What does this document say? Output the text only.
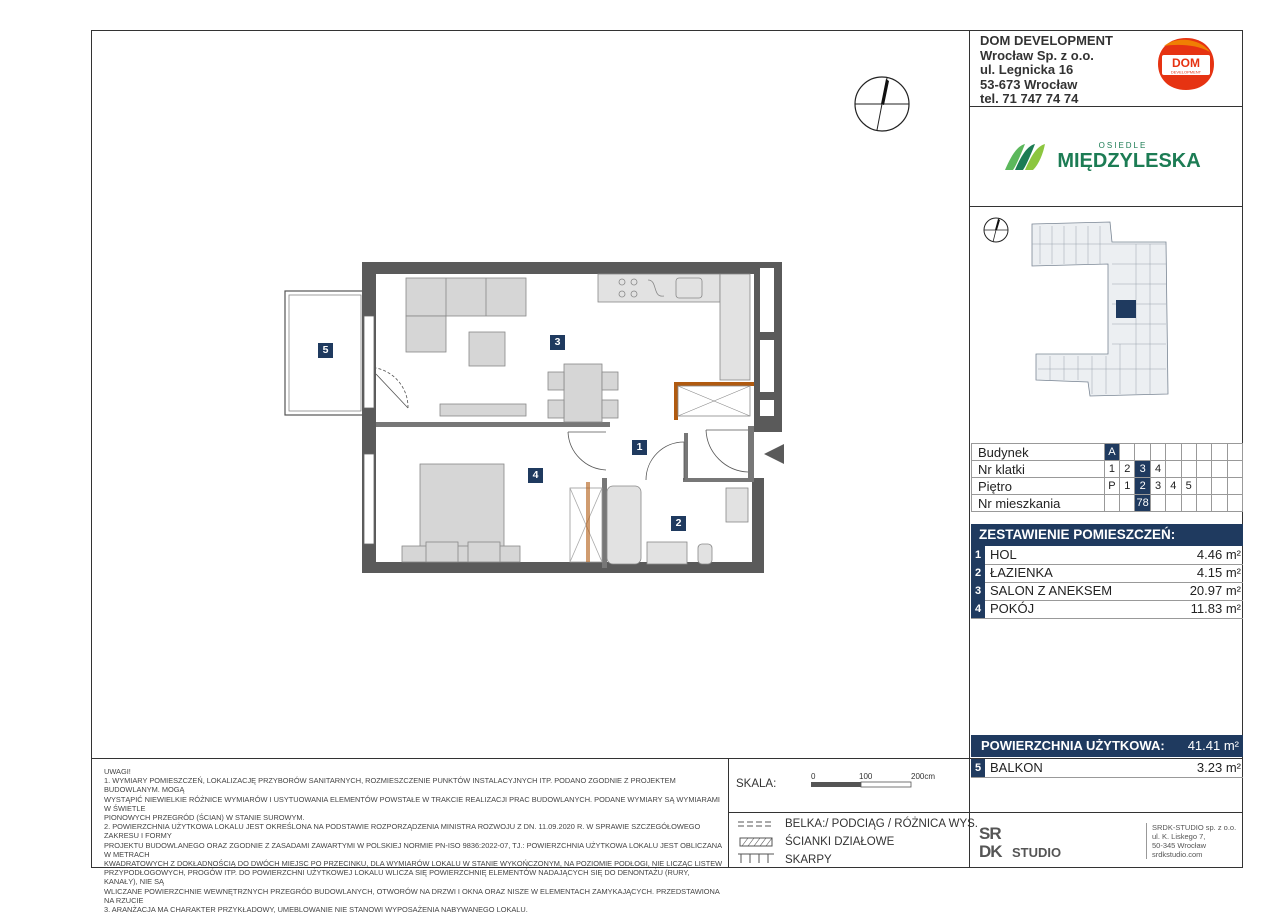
DOM DEVELOPMENT
Wrocław Sp. z o.o.
ul. Legnicka 16
53-673 Wrocław
tel. 71 747 74 74
DOM
DEVELOPMENT
OSIEDLE
MIĘDZYLESKA
Budynek	A								
Nr klatki	1	2	3	4					
Piętro	P	1	2	3	4	5			
Nr mieszkania			78						
ZESTAWIENIE POMIESZCZEŃ:
1 HOL	4.46 m²
2 ŁAZIENKA	4.15 m²
3 SALON Z ANEKSEM	20.97 m²
4 POKÓJ	11.83 m²
POWIERZCHNIA UŻYTKOWA: 41.41 m²
5 BALKON	3.23 m²
5
3
1
4
2

UWAGI!

1. WYMIARY POMIESZCZEŃ, LOKALIZACJĘ PRZYBORÓW SANITARNYCH, ROZMIESZCZENIE PUNKTÓW INSTALACYJNYCH ITP. PODANO ZGODNIE Z PROJEKTEM BUDOWLANYM. MOGĄ

WYSTĄPIĆ NIEWIELKIE RÓŻNICE WYMIARÓW I USYTUOWANIA ELEMENTÓW POWSTAŁE W TRAKCIE REALIZACJI PRAC BUDOWLANYCH. PODANE WYMIARY SĄ WYMIARAMI W ŚWIETLE

PIONOWYCH PRZEGRÓD (ŚCIAN) W STANIE SUROWYM.

2. POWIERZCHNIA UŻYTKOWA LOKALU JEST OKREŚLONA NA PODSTAWIE ROZPORZĄDZENIA MINISTRA ROZWOJU Z DN. 11.09.2020 R. W SPRAWIE SZCZEGÓŁOWEGO ZAKRESU I FORMY

PROJEKTU BUDOWLANEGO ORAZ ZGODNIE Z ZASADAMI ZAWARTYMI W POLSKIEJ NORMIE PN-ISO 9836:2022-07, TJ.: POWIERZCHNIA UŻYTKOWA LOKALU JEST OBLICZANA W METRACH

KWADRATOWYCH Z DOKŁADNOŚCIĄ DO DWÓCH MIEJSC PO PRZECINKU, DLA WYMIARÓW LOKALU W STANIE WYKOŃCZONYM, NA POZIOMIE PODŁOGI, NIE LICZĄC LISTEW

PRZYPODŁOGOWYCH, PROGÓW ITP. DO POWIERZCHNI UŻYTKOWEJ LOKALU WLICZA SIĘ POWIERZCHNIĘ ELEMENTÓW NADAJĄCYCH SIĘ DO DENONTAŻU (RURY, KANAŁY), NIE SĄ

WLICZANE POWIERZCHNIE WEWNĘTRZNYCH PRZEGRÓD BUDOWLANYCH, OTWORÓW NA DRZWI I OKNA ORAZ NISZE W ELEMENTACH ZAMYKAJĄCYCH. PRZEDSTAWIONA NA RZUCIE

3. ARANŻACJA MA CHARAKTER PRZYKŁADOWY, UMEBLOWANIE NIE STANOWI WYPOSAŻENIA NABYWANEGO LOKALU.

SKALA:
0	100	200cm
BELKA:/ PODCIĄG / RÓŻNICA WYS.
ŚCIANKI DZIAŁOWE
SKARPY
SR
DK STUDIO
SRDK-STUDIO sp. z o.o.
ul. K. Liskego 7,
50-345 Wrocław
srdkstudio.com
